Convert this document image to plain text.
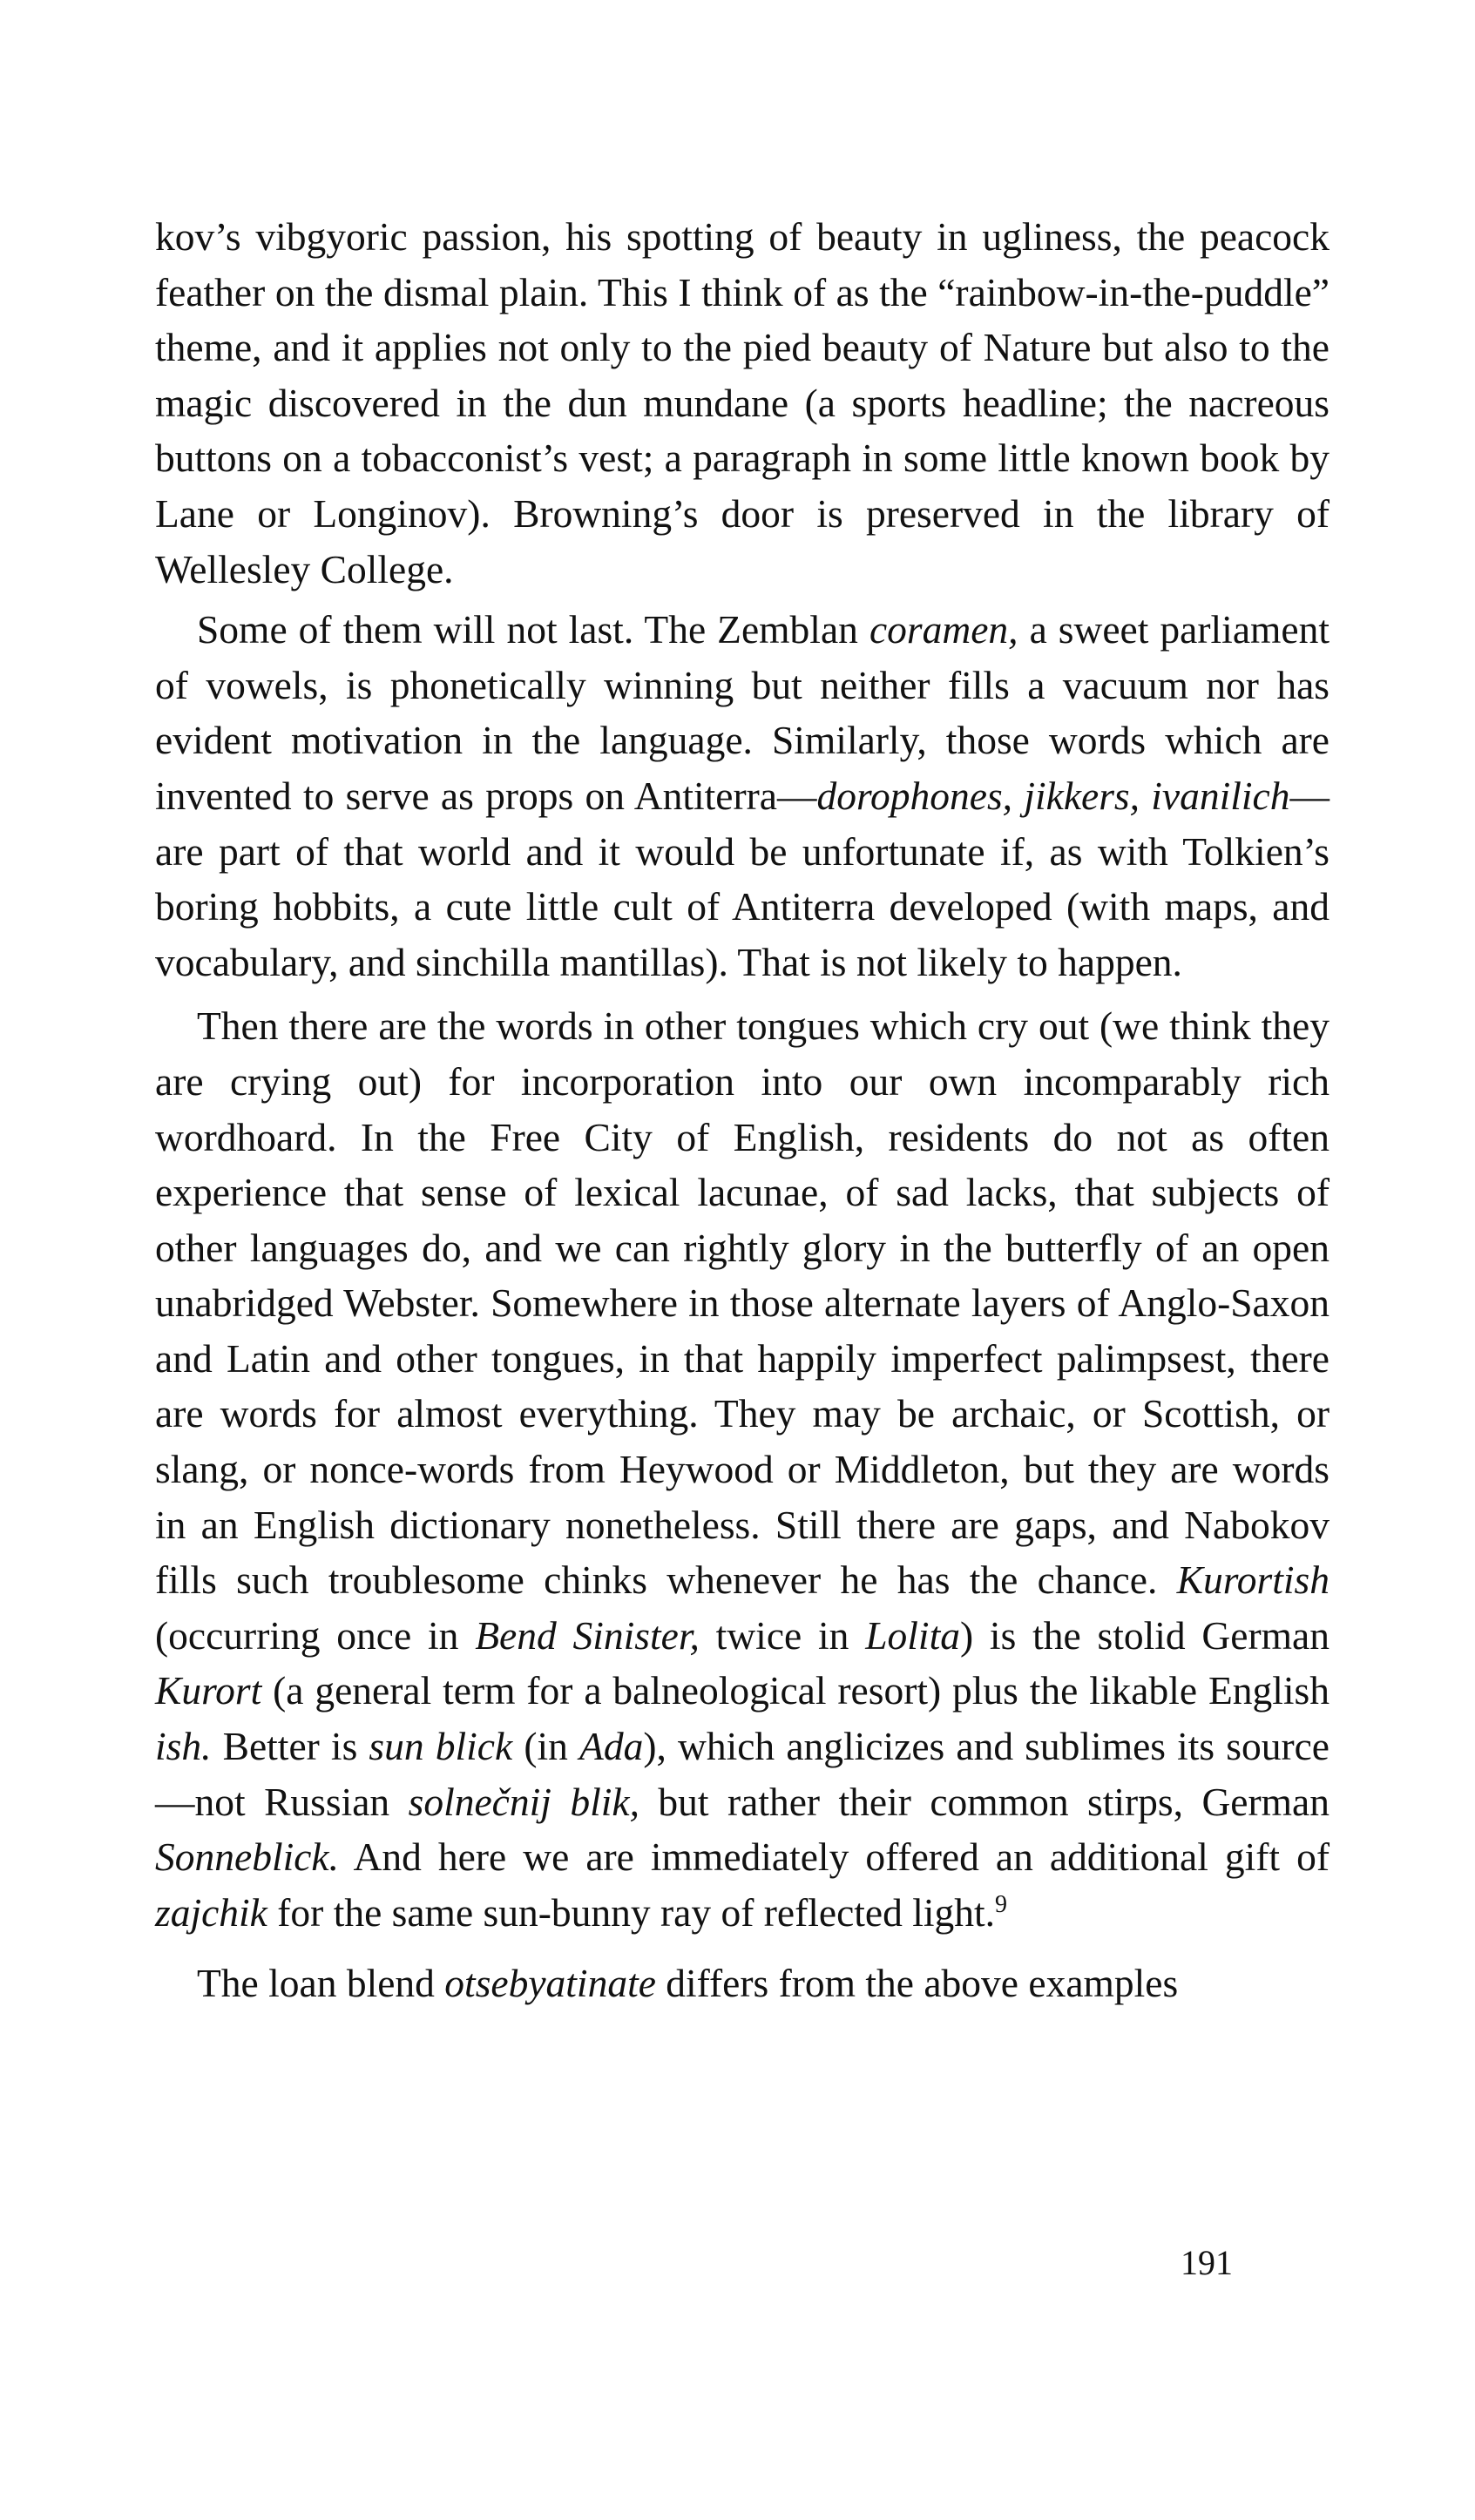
kov’s vibgyoric passion, his spotting of beauty in ugliness, the peacock feather on the dismal plain. This I think of as the “rainbow-in-the-puddle” theme, and it applies not only to the pied beauty of Nature but also to the magic discovered in the dun mundane (a sports headline; the nacreous buttons on a tobacconist’s vest; a paragraph in some little known book by Lane or Longinov). Browning’s door is preserved in the library of Wellesley College.

Some of them will not last. The Zemblan coramen, a sweet parliament of vowels, is phonetically winning but neither fills a vacuum nor has evident motivation in the language. Similarly, those words which are invented to serve as props on Antiterra—dorophones, jikkers, ivanilich—are part of that world and it would be unfortunate if, as with Tolkien’s boring hobbits, a cute little cult of Antiterra developed (with maps, and vocabulary, and sinchilla mantillas). That is not likely to happen.

Then there are the words in other tongues which cry out (we think they are crying out) for incorporation into our own incomparably rich wordhoard. In the Free City of English, residents do not as often experience that sense of lexical lacunae, of sad lacks, that subjects of other languages do, and we can rightly glory in the butterfly of an open unabridged Webster. Somewhere in those alternate layers of Anglo-Saxon and Latin and other tongues, in that happily imperfect palimpsest, there are words for almost everything. They may be archaic, or Scottish, or slang, or nonce-words from Heywood or Middleton, but they are words in an English dictionary nonetheless. Still there are gaps, and Nabokov fills such troublesome chinks whenever he has the chance. Kurortish (occurring once in Bend Sinister, twice in Lolita) is the stolid German Kurort (a general term for a balneological resort) plus the likable English ish. Better is sun blick (in Ada), which anglicizes and sublimes its source—not Russian solnečnij blik, but rather their common stirps, German Sonneblick. And here we are immediately offered an additional gift of zajchik for the same sun-bunny ray of reflected light.$^9$

The loan blend otsebyatinate differs from the above examples

191
